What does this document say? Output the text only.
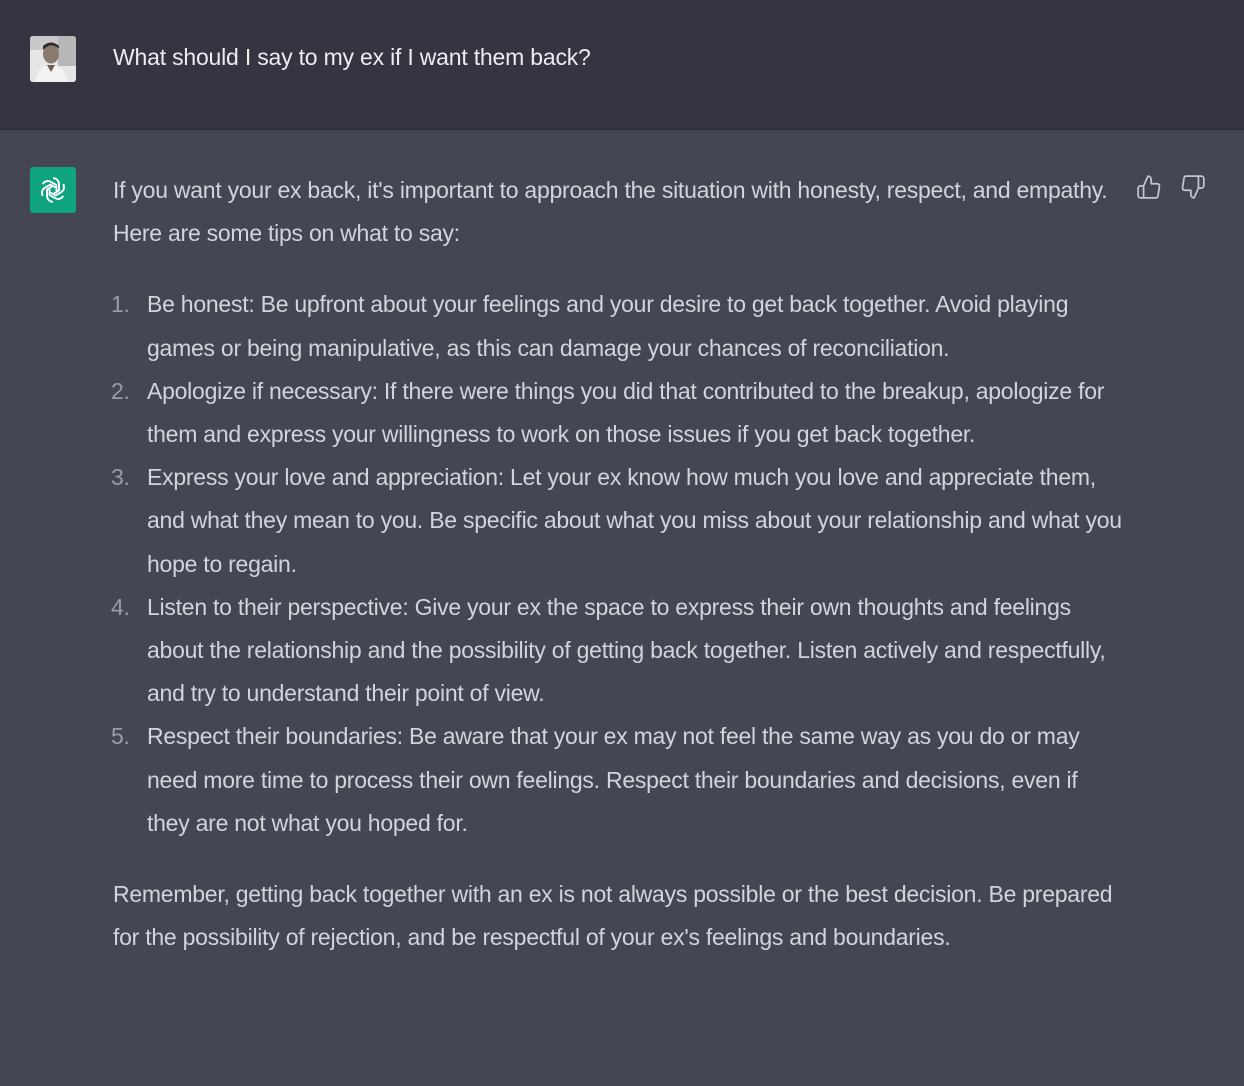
What should I say to my ex if I want them back?

If you want your ex back, it's important to approach the situation with honesty, respect, and empathy. Here are some tips on what to say:

1. Be honest: Be upfront about your feelings and your desire to get back together. Avoid playing games or being manipulative, as this can damage your chances of reconciliation.
2. Apologize if necessary: If there were things you did that contributed to the breakup, apologize for them and express your willingness to work on those issues if you get back together.
3. Express your love and appreciation: Let your ex know how much you love and appreciate them, and what they mean to you. Be specific about what you miss about your relationship and what you hope to regain.
4. Listen to their perspective: Give your ex the space to express their own thoughts and feelings about the relationship and the possibility of getting back together. Listen actively and respectfully, and try to understand their point of view.
5. Respect their boundaries: Be aware that your ex may not feel the same way as you do or may need more time to process their own feelings. Respect their boundaries and decisions, even if they are not what you hoped for.

Remember, getting back together with an ex is not always possible or the best decision. Be prepared for the possibility of rejection, and be respectful of your ex's feelings and boundaries.
